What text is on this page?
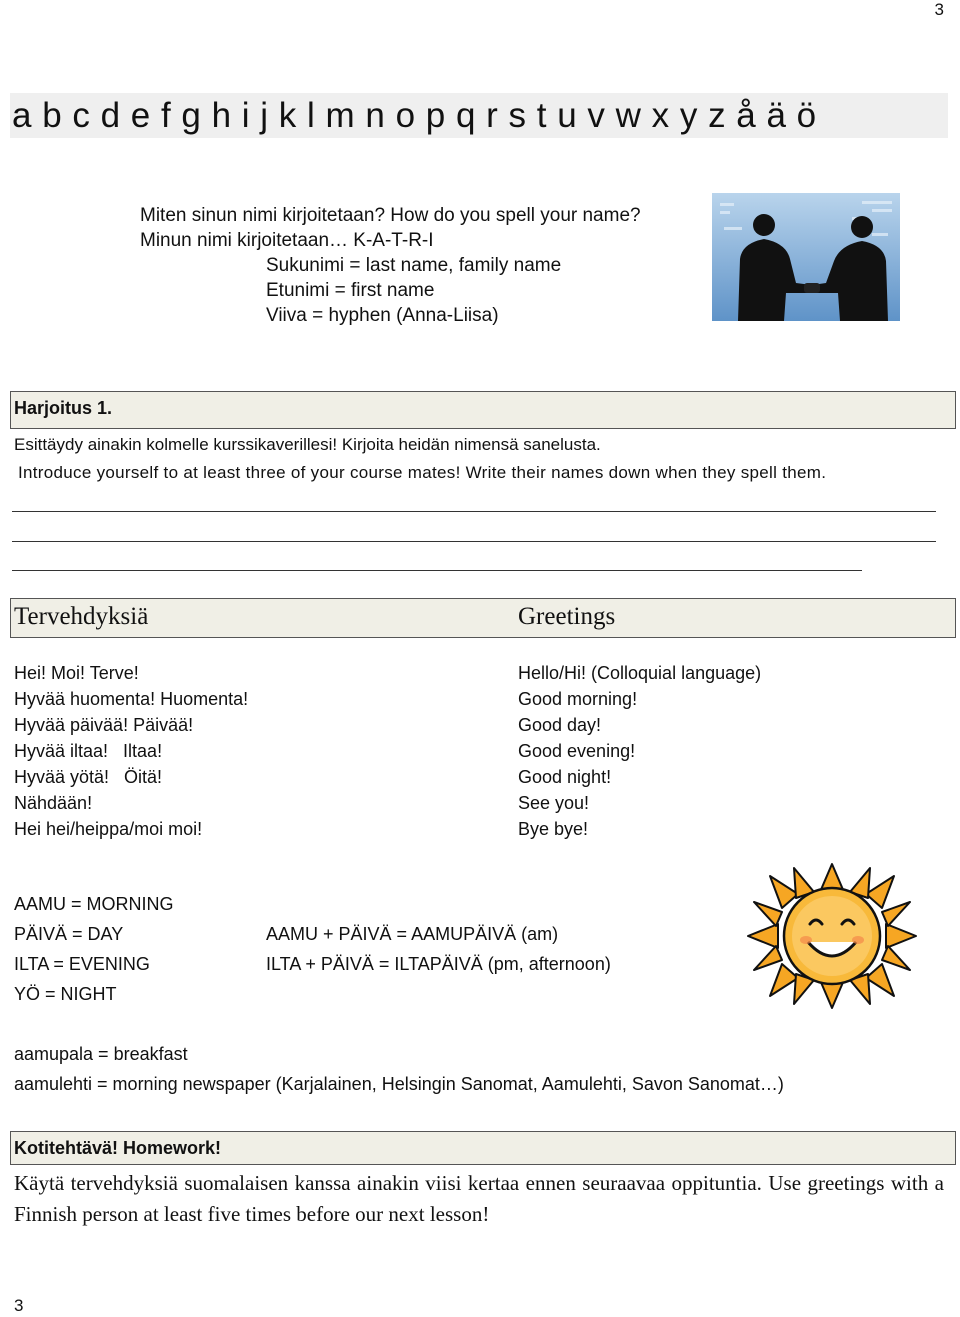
3
a b c d e f g h i j k l m n o p q r s t u v w x y z å ä ö
Miten sinun nimi kirjoitetaan? How do you spell your name?
Minun nimi kirjoitetaan… K-A-T-R-I
Sukunimi = last name, family name
Etunimi = first name
Viiva = hyphen (Anna-Liisa)
Harjoitus 1.
Esittäydy ainakin kolmelle kurssikaverillesi! Kirjoita heidän nimensä sanelusta.
Introduce yourself to at least three of your course mates! Write their names down when they spell them.
Tervehdyksiä	Greetings
Hei! Moi! Terve!
Hyvää huomenta! Huomenta!
Hyvää päivää! Päivää!
Hyvää iltaa!   Iltaa!
Hyvää yötä!   Öitä!
Nähdään!
Hei hei/heippa/moi moi!
Hello/Hi! (Colloquial language)
Good morning!
Good day!
Good evening!
Good night!
See you!
Bye bye!
AAMU = MORNING
PÄIVÄ = DAY
ILTA = EVENING
YÖ = NIGHT
AAMU + PÄIVÄ = AAMUPÄIVÄ (am)
ILTA + PÄIVÄ = ILTAPÄIVÄ (pm, afternoon)
aamupala = breakfast
aamulehti = morning newspaper (Karjalainen, Helsingin Sanomat, Aamulehti, Savon Sanomat…)
Kotitehtävä! Homework!
Käytä tervehdyksiä suomalaisen kanssa ainakin viisi kertaa ennen seuraavaa oppituntia. Use greetings with a Finnish person at least five times before our next lesson!
3
